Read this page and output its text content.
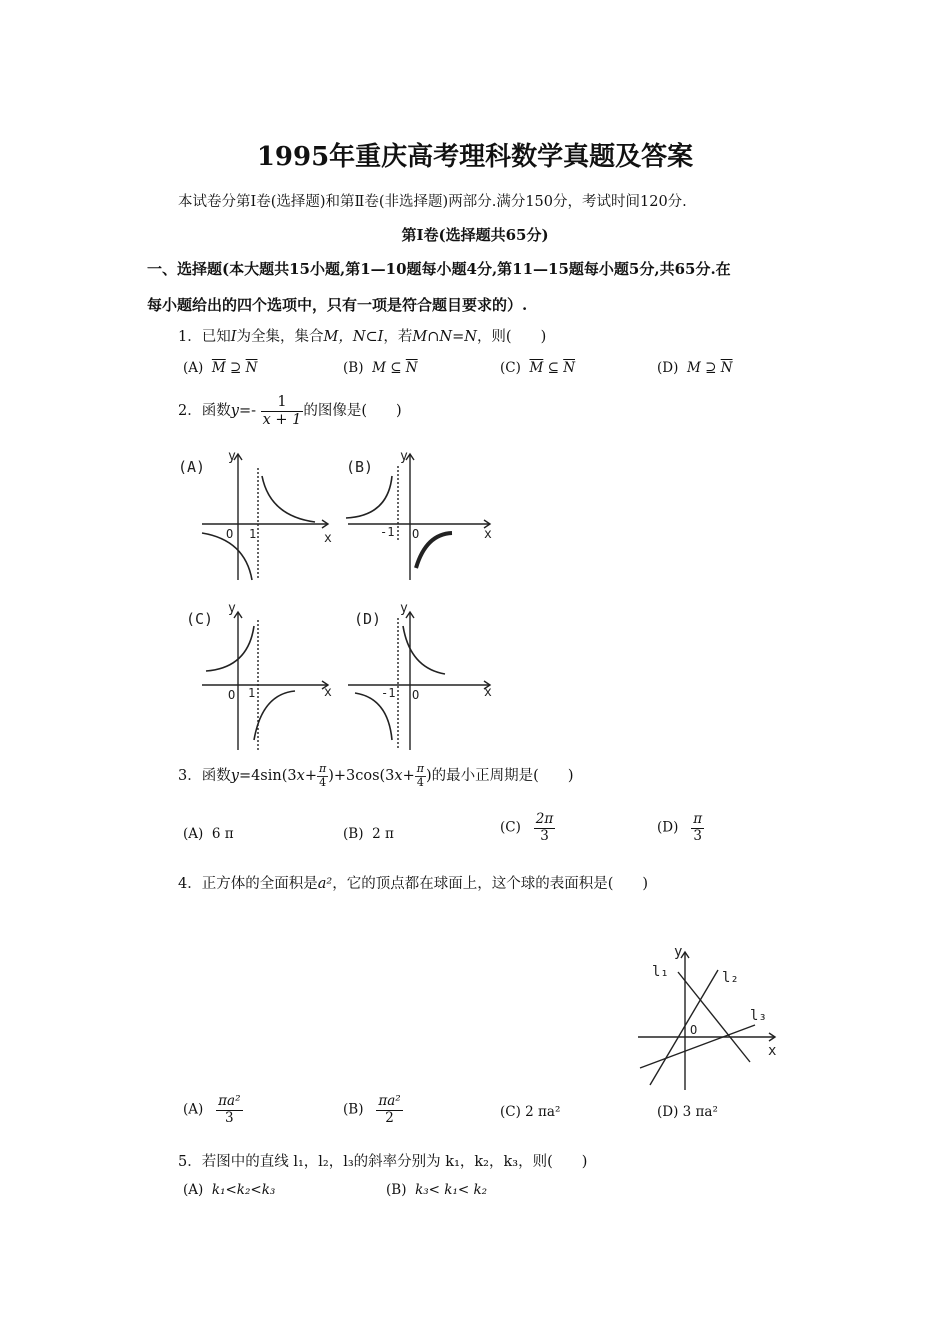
1995年重庆高考理科数学真题及答案
本试卷分第Ⅰ卷(选择题)和第Ⅱ卷(非选择题)两部分.满分150分，考试时间120分.
第Ⅰ卷(选择题共65分)
一、选择题(本大题共15小题,第1—10题每小题4分,第11—15题每小题5分,共65分.在
每小题给出的四个选项中，只有一项是符合题目要求的）.
1．已知I为全集，集合M，N⊂I，若M∩N=N，则(　　)
(A) $\overline{M}$ ⊇ $\overline{N}$	(B) M ⊆ $\overline{N}$	(C) $\overline{M}$ ⊆ $\overline{N}$	(D) M ⊇ $\overline{N}$
2．函数$y=- \frac{1}{x + 1}$ 的图像是(　　)
(A)
y
x
O 1
(B)
y
x
O
-1
(C)
y
x
O 1
(D)
y
x
O
-1
3．函数$y=4\sin(3x+ \frac{\pi}{4} )+3\cos(3x+ \frac{\pi}{4}$ )的最小正周期是(　　)
(A) 6 π	(B) 2 π	$(C) \frac{2\pi}{3}$	$(D) \frac{\pi}{3}$
4．正方体的全面积是a²，它的顶点都在球面上，这个球的表面积是(　　)
y
x
O
l₁	l₂
l₃
$(A) \frac{\text{πa²}}{3}$	$(B) \frac{\text{πa²}}{2}$	(C) 2 πa²	(D) 3 πa²
5．若图中的直线 l₁，l₂，l₃的斜率分别为 k₁，k₂，k₃，则(　　)
(A) k₁<k₂<k₃	(B) k₃< k₁< k₂
